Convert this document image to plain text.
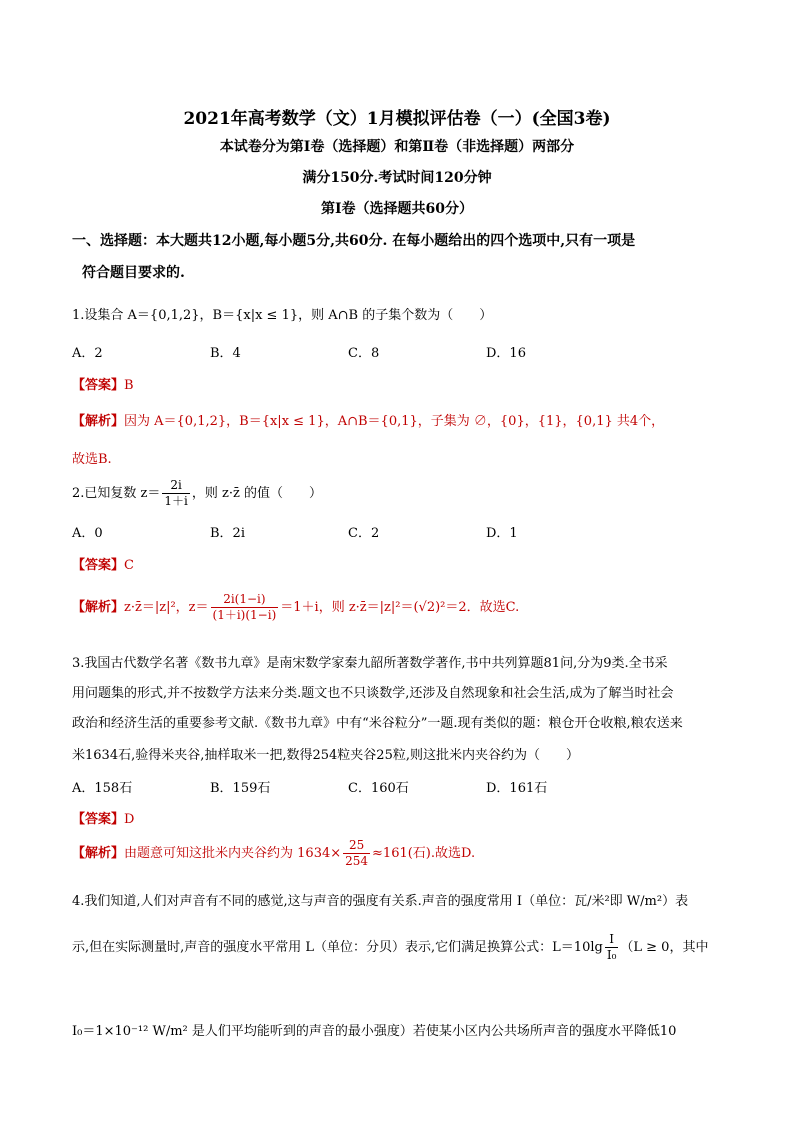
2021年高考数学（文）1月模拟评估卷（一）(全国3卷)
本试卷分为第Ⅰ卷（选择题）和第Ⅱ卷（非选择题）两部分
满分150分.考试时间120分钟
第Ⅰ卷（选择题共60分）
一、选择题：本大题共12小题,每小题5分,共60分. 在每小题给出的四个选项中,只有一项是
符合题目要求的.
1.设集合 A＝{0,1,2}，B＝{x|x ≤ 1}，则 A∩B 的子集个数为（　　）
A．2	B．4	C．8	D．16
【答案】B
【解析】因为 A＝{0,1,2}，B＝{x|x ≤ 1}，A∩B＝{0,1}，子集为 ∅，{0}，{1}，{0,1} 共4个，
故选B.
2.已知复数 $z= \frac{2i}{1+i}$ ，则 z·z̄ 的值（　　）
A．0	B．2i	C．2	D．1
【答案】C
【解析】z·z̄＝|z|²，$z= \frac{2i(1-i)}{(1+i)(1-i)} =1+i$，则 z·z̄＝|z|²＝(√2)²＝2．故选C.
3.我国古代数学名著《数书九章》是南宋数学家秦九韶所著数学著作,书中共列算题81问,分为9类.全书采
用问题集的形式,并不按数学方法来分类.题文也不只谈数学,还涉及自然现象和社会生活,成为了解当时社会
政治和经济生活的重要参考文献.《数书九章》中有“米谷粒分”一题.现有类似的题：粮仓开仓收粮,粮农送来
米1634石,验得米夹谷,抽样取米一把,数得254粒夹谷25粒,则这批米内夹谷约为（　　）
A．158石	B．159石	C．160石	D．161石
【答案】D
【解析】由题意可知这批米内夹谷约为 $1634\times \frac{25}{254} \approx 161$(石).故选D.
4.我们知道,人们对声音有不同的感觉,这与声音的强度有关系.声音的强度常用 I（单位：瓦/米²即 W/m²）表
示,但在实际测量时,声音的强度水平常用 L（单位：分贝）表示,它们满足换算公式：$L=10\lg \frac{I}{\text{I₀}} (L \ge 0$，其中
I₀＝1×10⁻¹² W/m² 是人们平均能听到的声音的最小强度）若使某小区内公共场所声音的强度水平降低10
